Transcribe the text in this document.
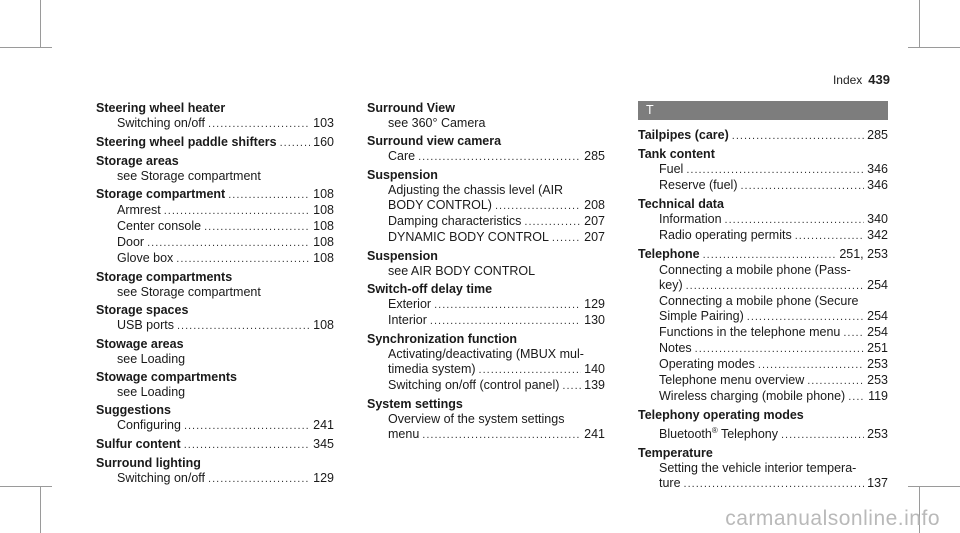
Index 439
Steering wheel heater
Switching on/off .....	103
Steering wheel paddle shifters .....	160
Storage areas
see Storage compartment
Storage compartment .....	108
Armrest .....	108
Center console .....	108
Door .....	108
Glove box .....	108
Storage compartments
see Storage compartment
Storage spaces
USB ports .....	108
Stowage areas
see Loading
Stowage compartments
see Loading
Suggestions
Configuring .....	241
Sulfur content .....	345
Surround lighting
Switching on/off .....	129
Surround View
see 360° Camera
Surround view camera
Care .....	285
Suspension
Adjusting the chassis level (AIR
BODY CONTROL) .....	208
Damping characteristics .....	207
DYNAMIC BODY CONTROL .....	207
Suspension
see AIR BODY CONTROL
Switch-off delay time
Exterior .....	129
Interior .....	130
Synchronization function
Activating/deactivating (MBUX mul-
timedia system) .....	140
Switching on/off (control panel) ..... 139
System settings
Overview of the system settings
menu .....	241
T
Tailpipes (care) .....	285
Tank content
Fuel .....	346
Reserve (fuel) .....	346
Technical data
Information .....	340
Radio operating permits .....	342
Telephone .....	251, 253
Connecting a mobile phone (Pass-
key) .....	254
Connecting a mobile phone (Secure
Simple Pairing) .....	254
Functions in the telephone menu ..... 254
Notes .....	251
Operating modes .....	253
Telephone menu overview .....	253
Wireless charging (mobile phone) ..... 119
Telephony operating modes
Bluetooth® Telephony .....	253
Temperature
Setting the vehicle interior tempera-
ture .....	137
carmanualsonline.info
